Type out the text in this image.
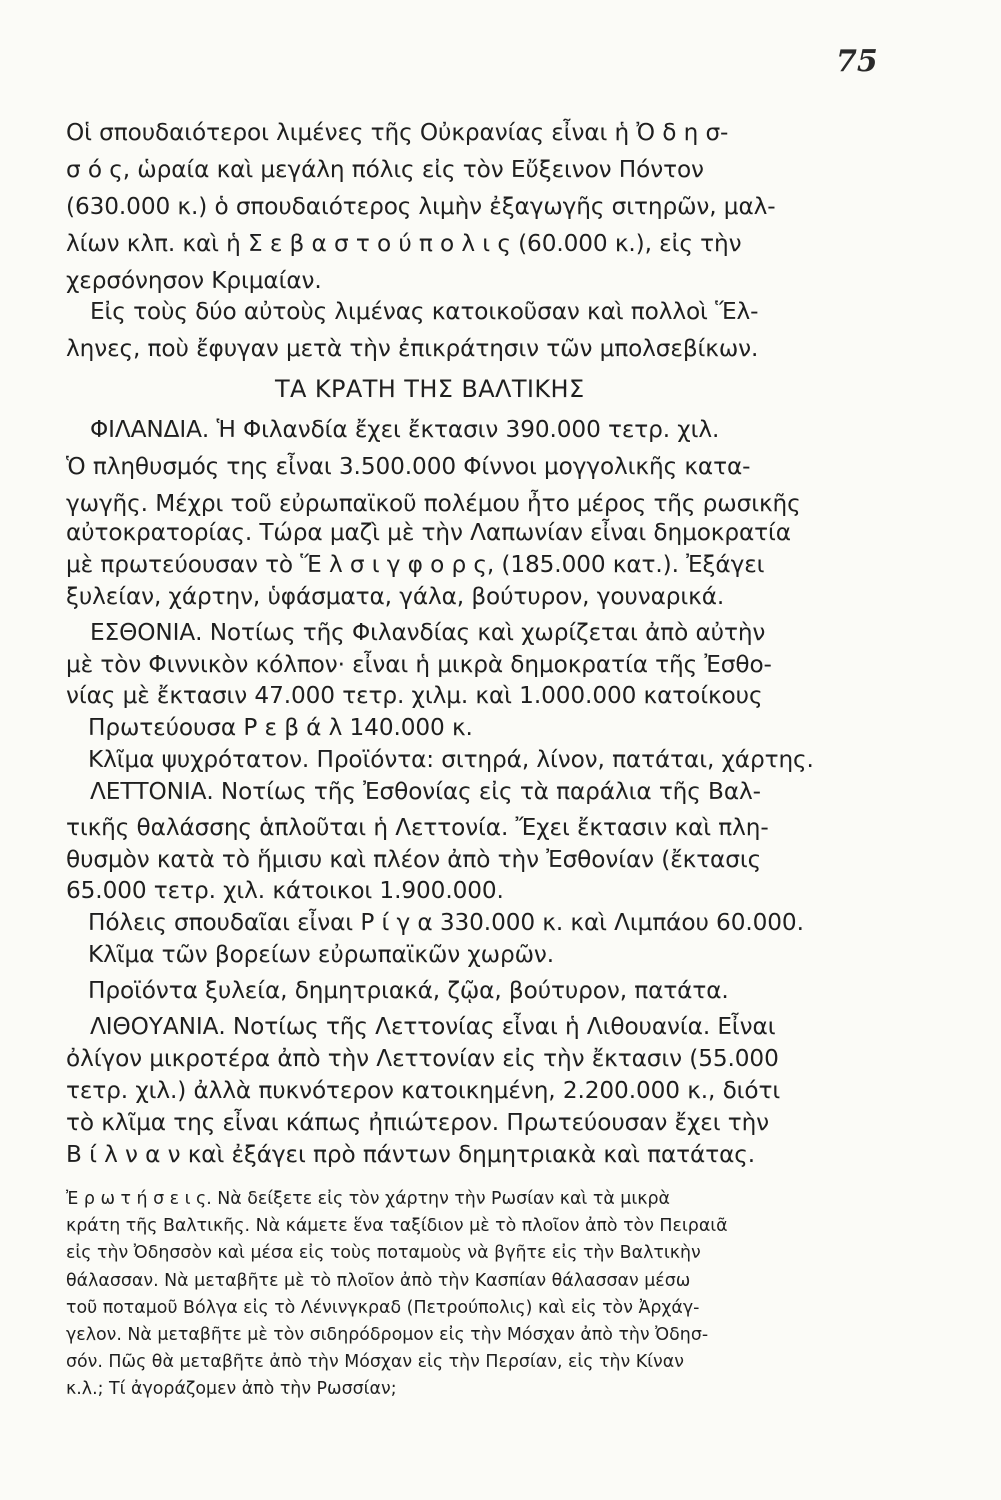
75
Οἱ σπουδαιότεροι λιμένες τῆς Οὐκρανίας εἶναι ἡ Ὀ δ η σ-
σ ό ς, ὡραία καὶ μεγάλη πόλις εἰς τὸν Εὔξεινον Πόντον
(630.000 κ.) ὁ σπουδαιότερος λιμὴν ἐξαγωγῆς σιτηρῶν, μαλ-
λίων κλπ. καὶ ἡ Σ ε β α σ τ ο ύ π ο λ ι ς (60.000 κ.), εἰς τὴν
χερσόνησον Κριμαίαν.
Εἰς τοὺς δύο αὐτοὺς λιμένας κατοικοῦσαν καὶ πολλοὶ Ἕλ-
ληνες, ποὺ ἔφυγαν μετὰ τὴν ἐπικράτησιν τῶν μπολσεβίκων.
ΤΑ ΚΡΑΤΗ ΤΗΣ ΒΑΛΤΙΚΗΣ
ΦΙΛΑΝΔΙΑ. Ἡ Φιλανδία ἔχει ἔκτασιν 390.000 τετρ. χιλ.
Ὁ πληθυσμός της εἶναι 3.500.000 Φίννοι μογγολικῆς κατα-
γωγῆς. Μέχρι τοῦ εὐρωπαϊκοῦ πολέμου ἦτο μέρος τῆς ρωσικῆς
αὐτοκρατορίας. Τώρα μαζὶ μὲ τὴν Λαπωνίαν εἶναι δημοκρατία
μὲ πρωτεύουσαν τὸ Ἕ λ σ ι γ φ ο ρ ς, (185.000 κατ.). Ἐξάγει
ξυλείαν, χάρτην, ὑφάσματα, γάλα, βούτυρον, γουναρικά.
ΕΣΘΟΝΙΑ. Νοτίως τῆς Φιλανδίας καὶ χωρίζεται ἀπὸ αὐτὴν
μὲ τὸν Φιννικὸν κόλπον· εἶναι ἡ μικρὰ δημοκρατία τῆς Ἐσθο-
νίας μὲ ἔκτασιν 47.000 τετρ. χιλμ. καὶ 1.000.000 κατοίκους
Πρωτεύουσα Ρ ε β ά λ 140.000 κ.
Κλῖμα ψυχρότατον. Προϊόντα: σιτηρά, λίνον, πατάται, χάρτης.
ΛΕΤΤΟΝΙΑ. Νοτίως τῆς Ἐσθονίας εἰς τὰ παράλια τῆς Βαλ-
τικῆς θαλάσσης ἁπλοῦται ἡ Λεττονία. Ἔχει ἔκτασιν καὶ πλη-
θυσμὸν κατὰ τὸ ἥμισυ καὶ πλέον ἀπὸ τὴν Ἐσθονίαν (ἔκτασις
65.000 τετρ. χιλ. κάτοικοι 1.900.000.
Πόλεις σπουδαῖαι εἶναι Ρ ί γ α 330.000 κ. καὶ Λιμπάου 60.000.
Κλῖμα τῶν βορείων εὐρωπαϊκῶν χωρῶν.
Προϊόντα ξυλεία, δημητριακά, ζῷα, βούτυρον, πατάτα.
ΛΙΘΟΥΑΝΙΑ. Νοτίως τῆς Λεττονίας εἶναι ἡ Λιθουανία. Εἶναι
ὀλίγον μικροτέρα ἀπὸ τὴν Λεττονίαν εἰς τὴν ἔκτασιν (55.000
τετρ. χιλ.) ἀλλὰ πυκνότερον κατοικημένη, 2.200.000 κ., διότι
τὸ κλῖμα της εἶναι κάπως ἠπιώτερον. Πρωτεύουσαν ἔχει τὴν
Β ί λ ν α ν καὶ ἐξάγει πρὸ πάντων δημητριακὰ καὶ πατάτας.
Ἐ ρ ω τ ή σ ε ι ς. Νὰ δείξετε εἰς τὸν χάρτην τὴν Ρωσίαν καὶ τὰ μικρὰ
κράτη τῆς Βαλτικῆς. Νὰ κάμετε ἕνα ταξίδιον μὲ τὸ πλοῖον ἀπὸ τὸν Πειραιᾶ
εἰς τὴν Ὀδησσὸν καὶ μέσα εἰς τοὺς ποταμοὺς νὰ βγῆτε εἰς τὴν Βαλτικὴν
θάλασσαν. Νὰ μεταβῆτε μὲ τὸ πλοῖον ἀπὸ τὴν Κασπίαν θάλασσαν μέσω
τοῦ ποταμοῦ Βόλγα εἰς τὸ Λένινγκραδ (Πετρούπολις) καὶ εἰς τὸν Ἀρχάγ-
γελον. Νὰ μεταβῆτε μὲ τὸν σιδηρόδρομον εἰς τὴν Μόσχαν ἀπὸ τὴν Ὀδησ-
σόν. Πῶς θὰ μεταβῆτε ἀπὸ τὴν Μόσχαν εἰς τὴν Περσίαν, εἰς τὴν Κίναν
κ.λ.; Τί ἀγοράζομεν ἀπὸ τὴν Ρωσσίαν;
